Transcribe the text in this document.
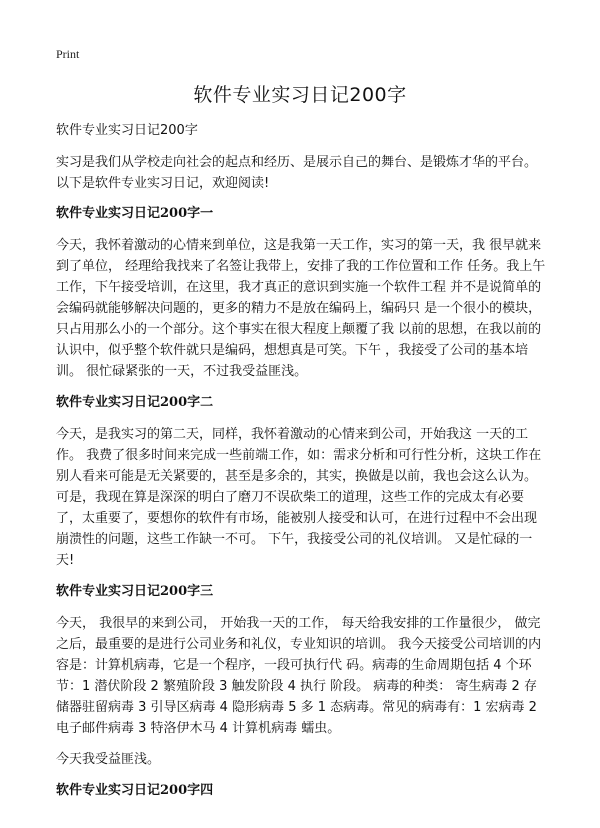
Print
软件专业实习日记200字

软件专业实习日记200字

实习是我们从学校走向社会的起点和经历、是展示自己的舞台、是锻炼才华的平台。以下是软件专业实习日记，欢迎阅读!

软件专业实习日记200字一

今天，我怀着激动的心情来到单位，这是我第一天工作，实习的第一天，我 很早就来到了单位， 经理给我找来了名签让我带上，安排了我的工作位置和工作 任务。我上午工作，下午接受培训，在这里，我才真正的意识到实施一个软件工程 并不是说简单的会编码就能够解决问题的，更多的精力不是放在编码上，编码只 是一个很小的模块， 只占用那么小的一个部分。这个事实在很大程度上颠覆了我 以前的思想，在我以前的认识中，似乎整个软件就只是编码，想想真是可笑。下午 ，我接受了公司的基本培训。 很忙碌紧张的一天，不过我受益匪浅。

软件专业实习日记200字二

今天，是我实习的第二天，同样，我怀着激动的心情来到公司，开始我这 一天的工作。 我费了很多时间来完成一些前端工作，如：需求分析和可行性分析，这块工作在别人看来可能是无关紧要的，甚至是多余的，其实，换做是以前，我也会这么认为。可是，我现在算是深深的明白了磨刀不误砍柴工的道理，这些工作的完成太有必要了，太重要了，要想你的软件有市场，能被别人接受和认可，在进行过程中不会出现崩溃性的问题，这些工作缺一不可。 下午，我接受公司的礼仪培训。 又是忙碌的一天!

软件专业实习日记200字三

今天， 我很早的来到公司， 开始我一天的工作， 每天给我安排的工作量很少， 做完之后，最重要的是进行公司业务和礼仪，专业知识的培训。 我今天接受公司培训的内容是：计算机病毒，它是一个程序，一段可执行代 码。病毒的生命周期包括 4 个环节：1 潜伏阶段 2 繁殖阶段 3 触发阶段 4 执行 阶段。 病毒的种类： 寄生病毒 2 存储器驻留病毒 3 引导区病毒 4 隐形病毒 5 多 1 态病毒。常见的病毒有：1 宏病毒 2 电子邮件病毒 3 特洛伊木马 4 计算机病毒 蠕虫。

今天我受益匪浅。

软件专业实习日记200字四
